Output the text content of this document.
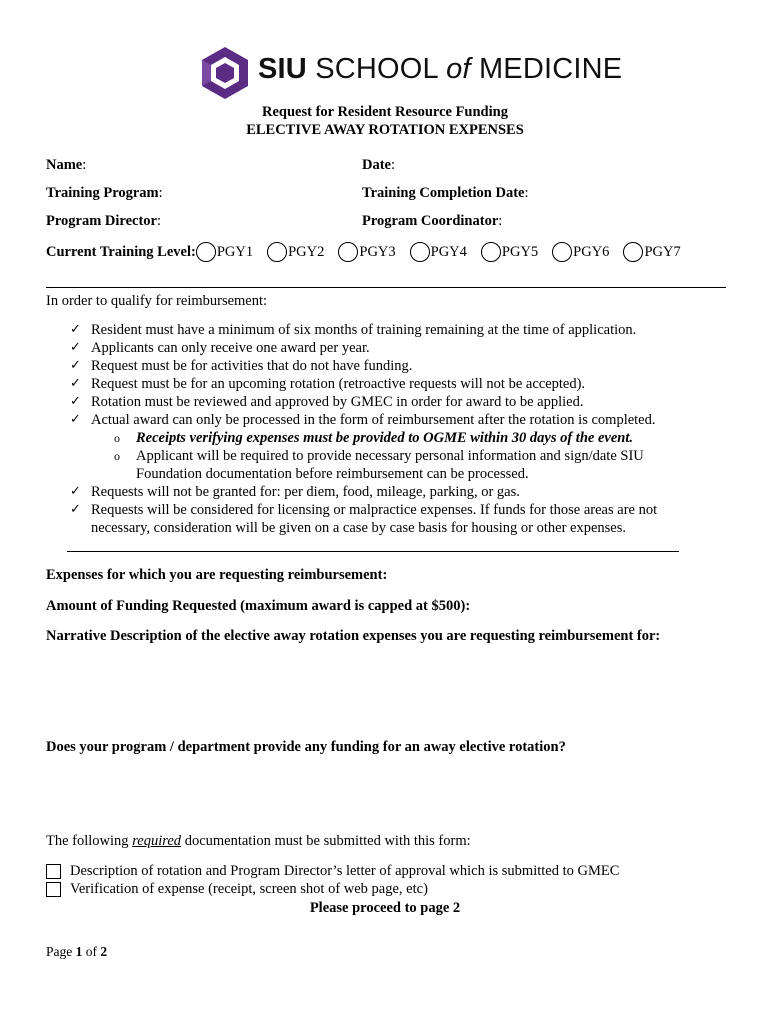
SIU SCHOOL of MEDICINE
Request for Resident Resource Funding
ELECTIVE AWAY ROTATION EXPENSES
Name:	Date:
Training Program:	Training Completion Date:
Program Director:	Program Coordinator:
Current Training Level: PGY1 PGY2 PGY3 PGY4 PGY5 PGY6 PGY7
In order to qualify for reimbursement:
✓ Resident must have a minimum of six months of training remaining at the time of application.
✓ Applicants can only receive one award per year.
✓ Request must be for activities that do not have funding.
✓ Request must be for an upcoming rotation (retroactive requests will not be accepted).
✓ Rotation must be reviewed and approved by GMEC in order for award to be applied.
✓ Actual award can only be processed in the form of reimbursement after the rotation is completed.
o Receipts verifying expenses must be provided to OGME within 30 days of the event.
o Applicant will be required to provide necessary personal information and sign/date SIU Foundation documentation before reimbursement can be processed.
✓ Requests will not be granted for: per diem, food, mileage, parking, or gas.
✓ Requests will be considered for licensing or malpractice expenses. If funds for those areas are not necessary, consideration will be given on a case by case basis for housing or other expenses.
Expenses for which you are requesting reimbursement:
Amount of Funding Requested (maximum award is capped at $500):
Narrative Description of the elective away rotation expenses you are requesting reimbursement for:
Does your program / department provide any funding for an away elective rotation?
The following required documentation must be submitted with this form:
Description of rotation and Program Director’s letter of approval which is submitted to GMEC
Verification of expense (receipt, screen shot of web page, etc)
Please proceed to page 2
Page 1 of 2
